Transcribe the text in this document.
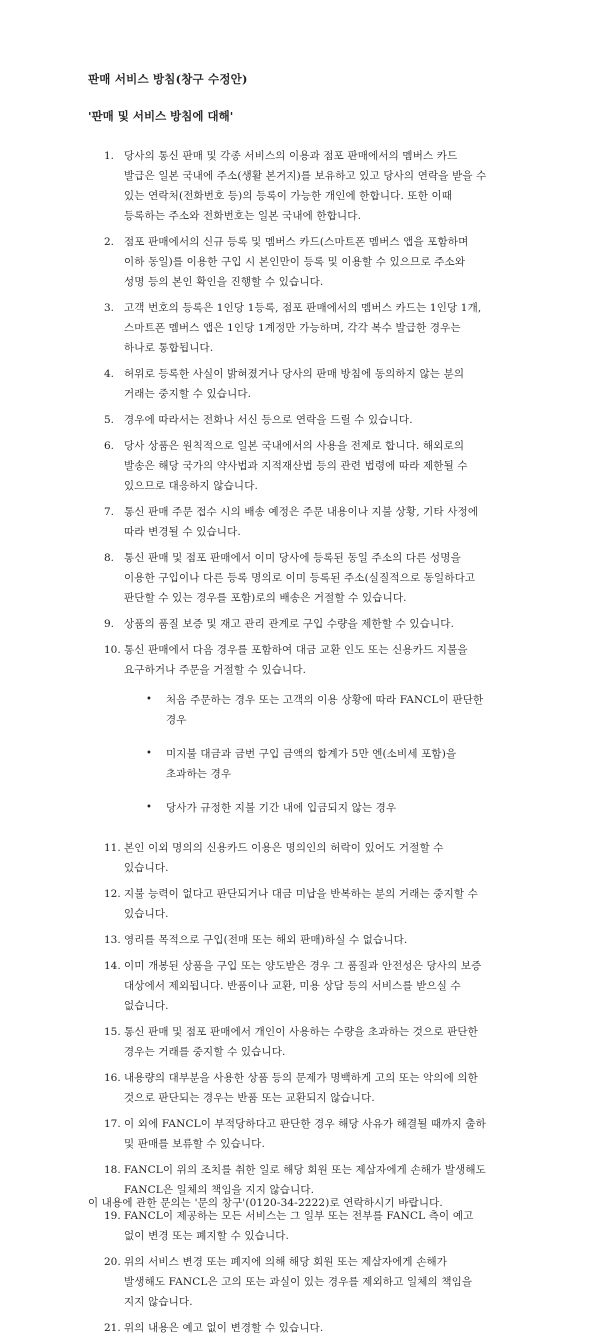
판매 서비스 방침(창구 수정안)
'판매 및 서비스 방침에 대해'
1. 당사의 통신 판매 및 각종 서비스의 이용과 점포 판매에서의 멤버스 카드
발급은 일본 국내에 주소(생활 본거지)를 보유하고 있고 당사의 연락을 받을 수
있는 연락처(전화번호 등)의 등록이 가능한 개인에 한합니다. 또한 이때
등록하는 주소와 전화번호는 일본 국내에 한합니다.
2. 점포 판매에서의 신규 등록 및 멤버스 카드(스마트폰 멤버스 앱을 포함하며
이하 동일)를 이용한 구입 시 본인만이 등록 및 이용할 수 있으므로 주소와
성명 등의 본인 확인을 진행할 수 있습니다.
3. 고객 번호의 등록은 1인당 1등록, 점포 판매에서의 멤버스 카드는 1인당 1개,
스마트폰 멤버스 앱은 1인당 1계정만 가능하며, 각각 복수 발급한 경우는
하나로 통합됩니다.
4. 허위로 등록한 사실이 밝혀졌거나 당사의 판매 방침에 동의하지 않는 분의
거래는 중지할 수 있습니다.
5. 경우에 따라서는 전화나 서신 등으로 연락을 드릴 수 있습니다.
6. 당사 상품은 원칙적으로 일본 국내에서의 사용을 전제로 합니다. 해외로의
발송은 해당 국가의 약사법과 지적재산법 등의 관련 법령에 따라 제한될 수
있으므로 대응하지 않습니다.
7. 통신 판매 주문 접수 시의 배송 예정은 주문 내용이나 지불 상황, 기타 사정에
따라 변경될 수 있습니다.
8. 통신 판매 및 점포 판매에서 이미 당사에 등록된 동일 주소의 다른 성명을
이용한 구입이나 다른 등록 명의로 이미 등록된 주소(실질적으로 동일하다고
판단할 수 있는 경우를 포함)로의 배송은 거절할 수 있습니다.
9. 상품의 품질 보증 및 재고 관리 관계로 구입 수량을 제한할 수 있습니다.
10. 통신 판매에서 다음 경우를 포함하여 대금 교환 인도 또는 신용카드 지불을
요구하거나 주문을 거절할 수 있습니다.
•	처음 주문하는 경우 또는 고객의 이용 상황에 따라 FANCL이 판단한
경우
•	미지불 대금과 금번 구입 금액의 합계가 5만 엔(소비세 포함)을
초과하는 경우
•	당사가 규정한 지불 기간 내에 입금되지 않는 경우
11. 본인 이외 명의의 신용카드 이용은 명의인의 허락이 있어도 거절할 수
있습니다.
12. 지불 능력이 없다고 판단되거나 대금 미납을 반복하는 분의 거래는 중지할 수
있습니다.
13. 영리를 목적으로 구입(전매 또는 해외 판매)하실 수 없습니다.
14. 이미 개봉된 상품을 구입 또는 양도받은 경우 그 품질과 안전성은 당사의 보증
대상에서 제외됩니다. 반품이나 교환, 미용 상담 등의 서비스를 받으실 수
없습니다.
15. 통신 판매 및 점포 판매에서 개인이 사용하는 수량을 초과하는 것으로 판단한
경우는 거래를 중지할 수 있습니다.
16. 내용량의 대부분을 사용한 상품 등의 문제가 명백하게 고의 또는 악의에 의한
것으로 판단되는 경우는 반품 또는 교환되지 않습니다.
17. 이 외에 FANCL이 부적당하다고 판단한 경우 해당 사유가 해결될 때까지 출하
및 판매를 보류할 수 있습니다.
18. FANCL이 위의 조치를 취한 일로 해당 회원 또는 제삼자에게 손해가 발생해도
FANCL은 일체의 책임을 지지 않습니다.
19. FANCL이 제공하는 모든 서비스는 그 일부 또는 전부를 FANCL 측이 예고
없이 변경 또는 폐지할 수 있습니다.
20. 위의 서비스 변경 또는 폐지에 의해 해당 회원 또는 제삼자에게 손해가
발생해도 FANCL은 고의 또는 과실이 있는 경우를 제외하고 일체의 책임을
지지 않습니다.
21. 위의 내용은 예고 없이 변경할 수 있습니다.
이 내용에 관한 문의는 '문의 창구'(0120-34-2222)로 연락하시기 바랍니다.
